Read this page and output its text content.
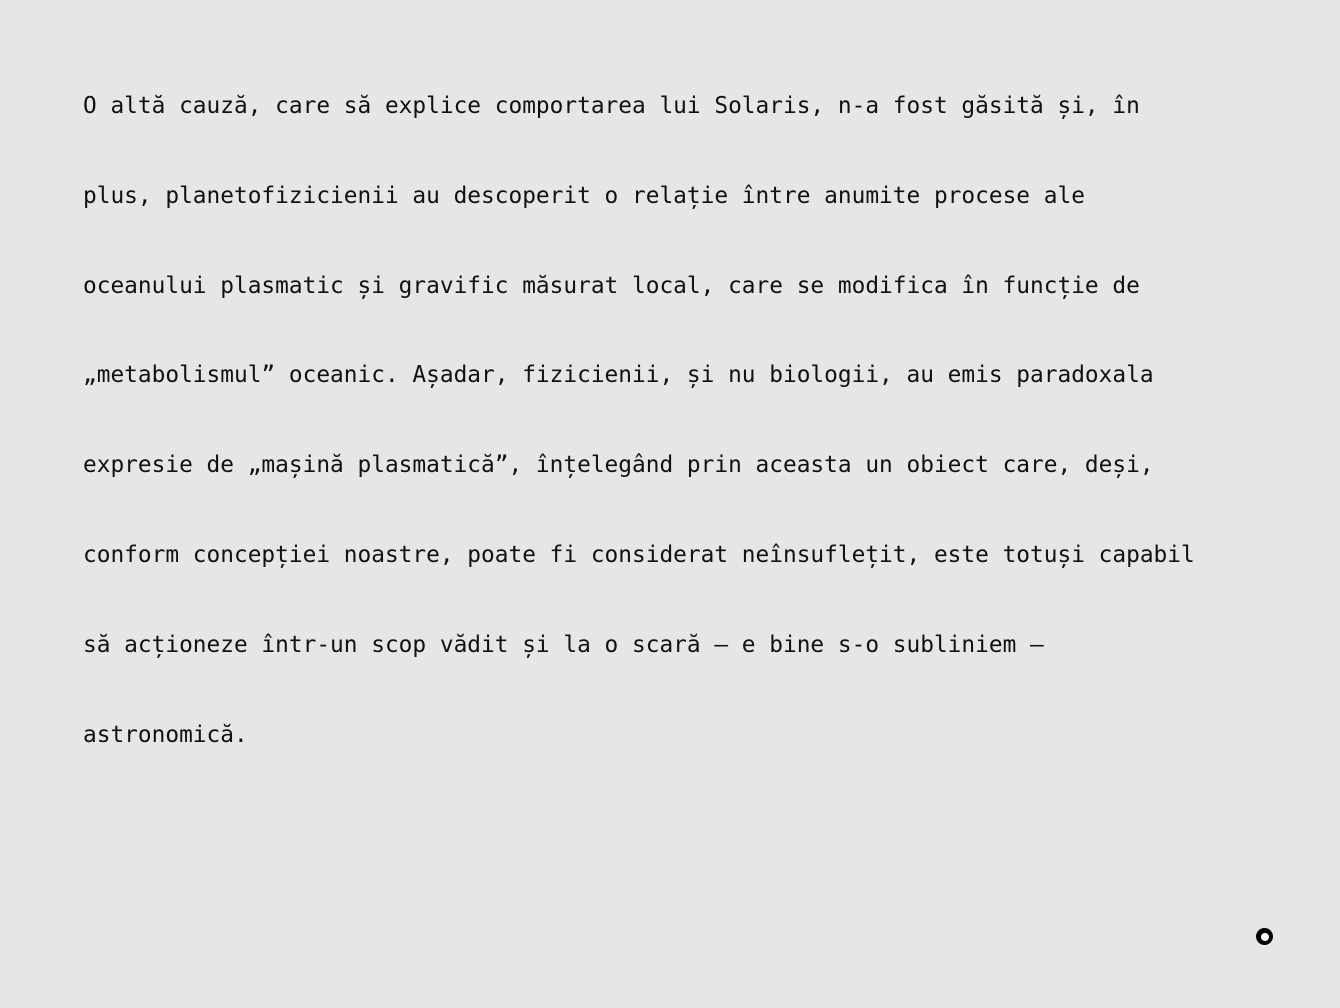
O altă cauză, care să explice comportarea lui Solaris, n-a fost găsită și, în
plus, planetofizicienii au descoperit o relație între anumite procese ale
oceanului plasmatic și gravific măsurat local, care se modifica în funcție de
„metabolismul” oceanic. Așadar, fizicienii, și nu biologii, au emis paradoxala
expresie de „mașină plasmatică”, înțelegând prin aceasta un obiect care, deși,
conform concepției noastre, poate fi considerat neînsuflețit, este totuși capabil
să acționeze într-un scop vădit și la o scară — e bine s-o subliniem —
astronomică.
